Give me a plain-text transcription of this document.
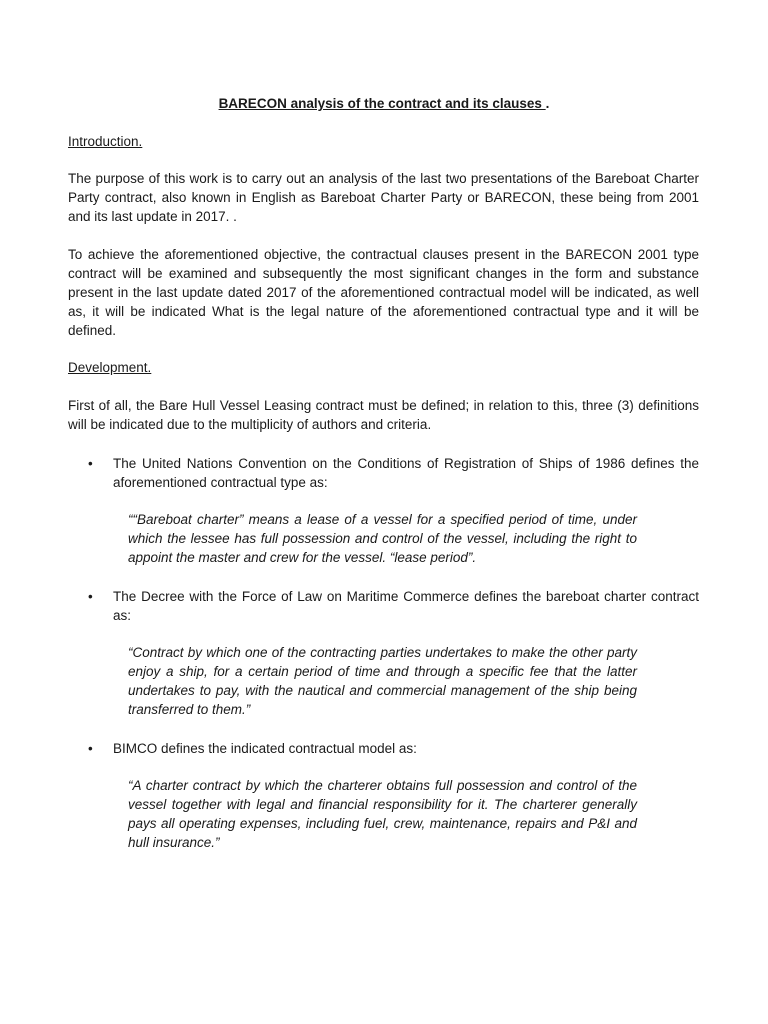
BARECON analysis of the contract and its clauses .
Introduction.
The purpose of this work is to carry out an analysis of the last two presentations of the Bareboat Charter Party contract, also known in English as Bareboat Charter Party or BARECON, these being from 2001 and its last update in 2017. .
To achieve the aforementioned objective, the contractual clauses present in the BARECON 2001 type contract will be examined and subsequently the most significant changes in the form and substance present in the last update dated 2017 of the aforementioned contractual model will be indicated, as well as, it will be indicated What is the legal nature of the aforementioned contractual type and it will be defined.
Development.
First of all, the Bare Hull Vessel Leasing contract must be defined; in relation to this, three (3) definitions will be indicated due to the multiplicity of authors and criteria.
•	The United Nations Convention on the Conditions of Registration of Ships of 1986 defines the aforementioned contractual type as:
““Bareboat charter” means a lease of a vessel for a specified period of time, under which the lessee has full possession and control of the vessel, including the right to appoint the master and crew for the vessel. “lease period”.
•	The Decree with the Force of Law on Maritime Commerce defines the bareboat charter contract as:
“Contract by which one of the contracting parties undertakes to make the other party enjoy a ship, for a certain period of time and through a specific fee that the latter undertakes to pay, with the nautical and commercial management of the ship being transferred to them.”
•	BIMCO defines the indicated contractual model as:
“A charter contract by which the charterer obtains full possession and control of the vessel together with legal and financial responsibility for it. The charterer generally pays all operating expenses, including fuel, crew, maintenance, repairs and P&I and hull insurance.”
